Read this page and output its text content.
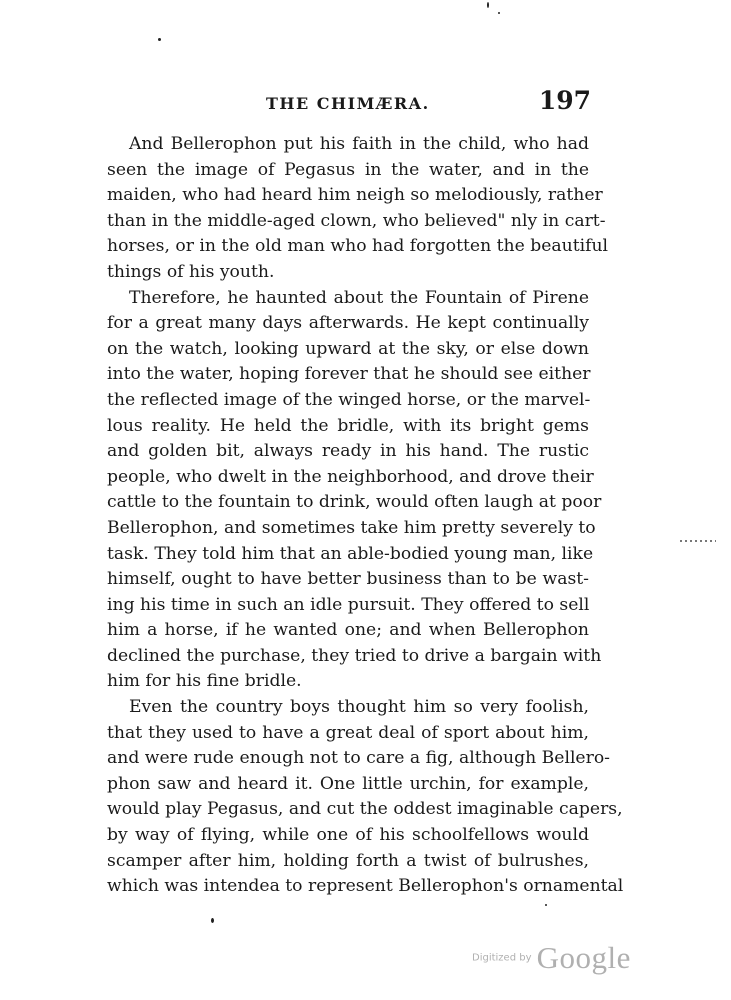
THE CHIMÆRA.	197
And Bellerophon put his faith in the child, who had
seen the image of Pegasus in the water, and in the
maiden, who had heard him neigh so melodiously, rather
than in the middle-aged clown, who believed" nly in cart-
horses, or in the old man who had forgotten the beautiful
things of his youth.
Therefore, he haunted about the Fountain of Pirene
for a great many days afterwards. He kept continually
on the watch, looking upward at the sky, or else down
into the water, hoping forever that he should see either
the reflected image of the winged horse, or the marvel-
lous reality. He held the bridle, with its bright gems
and golden bit, always ready in his hand. The rustic
people, who dwelt in the neighborhood, and drove their
cattle to the fountain to drink, would often laugh at poor
Bellerophon, and sometimes take him pretty severely to
task. They told him that an able-bodied young man, like
himself, ought to have better business than to be wast-
ing his time in such an idle pursuit. They offered to sell
him a horse, if he wanted one; and when Bellerophon
declined the purchase, they tried to drive a bargain with
him for his fine bridle.
Even the country boys thought him so very foolish,
that they used to have a great deal of sport about him,
and were rude enough not to care a fig, although Bellero-
phon saw and heard it. One little urchin, for example,
would play Pegasus, and cut the oddest imaginable capers,
by way of flying, while one of his schoolfellows would
scamper after him, holding forth a twist of bulrushes,
which was intendea to represent Bellerophon's ornamental
Digitized by Google
